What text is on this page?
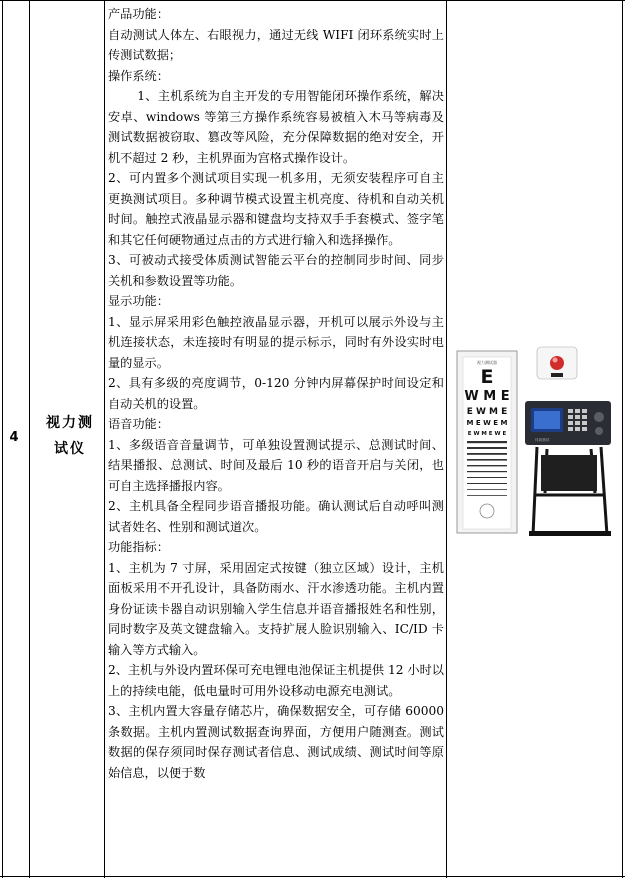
4
视力测
试仪

产品功能：

自动测试人体左、右眼视力，通过无线 WIFI 闭环系统实时上传测试数据；

操作系统：

1、主机系统为自主开发的专用智能闭环操作系统，解决安卓、windows 等第三方操作系统容易被植入木马等病毒及测试数据被窃取、篡改等风险，充分保障数据的绝对安全，开机不超过 2 秒，主机界面为宫格式操作设计。

2、可内置多个测试项目实现一机多用，无须安装程序可自主更换测试项目。多种调节模式设置主机亮度、待机和自动关机时间。触控式液晶显示器和键盘均支持双手手套模式、签字笔和其它任何硬物通过点击的方式进行输入和选择操作。

3、可被动式接受体质测试智能云平台的控制同步时间、同步关机和参数设置等功能。

显示功能：

1、显示屏采用彩色触控液晶显示器，开机可以展示外设与主机连接状态，未连接时有明显的提示标示，同时有外设实时电量的显示。

2、具有多级的亮度调节，0-120 分钟内屏幕保护时间设定和自动关机的设置。

语音功能：

1、多级语音音量调节，可单独设置测试提示、总测试时间、结果播报、总测试、时间及最后 10 秒的语音开启与关闭，也可自主选择播报内容。

2、主机具备全程同步语音播报功能。确认测试后自动呼叫测试者姓名、性别和测试道次。

功能指标：

1、主机为 7 寸屏，采用固定式按键（独立区域）设计，主机面板采用不开孔设计，具备防雨水、汗水渗透功能。主机内置身份证读卡器自动识别输入学生信息并语音播报姓名和性别，同时数字及英文键盘输入。支持扩展人脸识别输入、IC/ID 卡输入等方式输入。

2、主机与外设内置环保可充电锂电池保证主机提供 12 小时以上的持续电能，低电量时可用外设移动电源充电测试。

3、主机内置大容量存储芯片，确保数据安全，可存储 60000 条数据。主机内置测试数据查询界面，方便用户随测查。测试数据的保存须同时保存测试者信息、测试成绩、测试时间等原始信息，以便于数

视力测试器
E
W M E
E W M E
M E W E M
E W M E W E
体质测试
